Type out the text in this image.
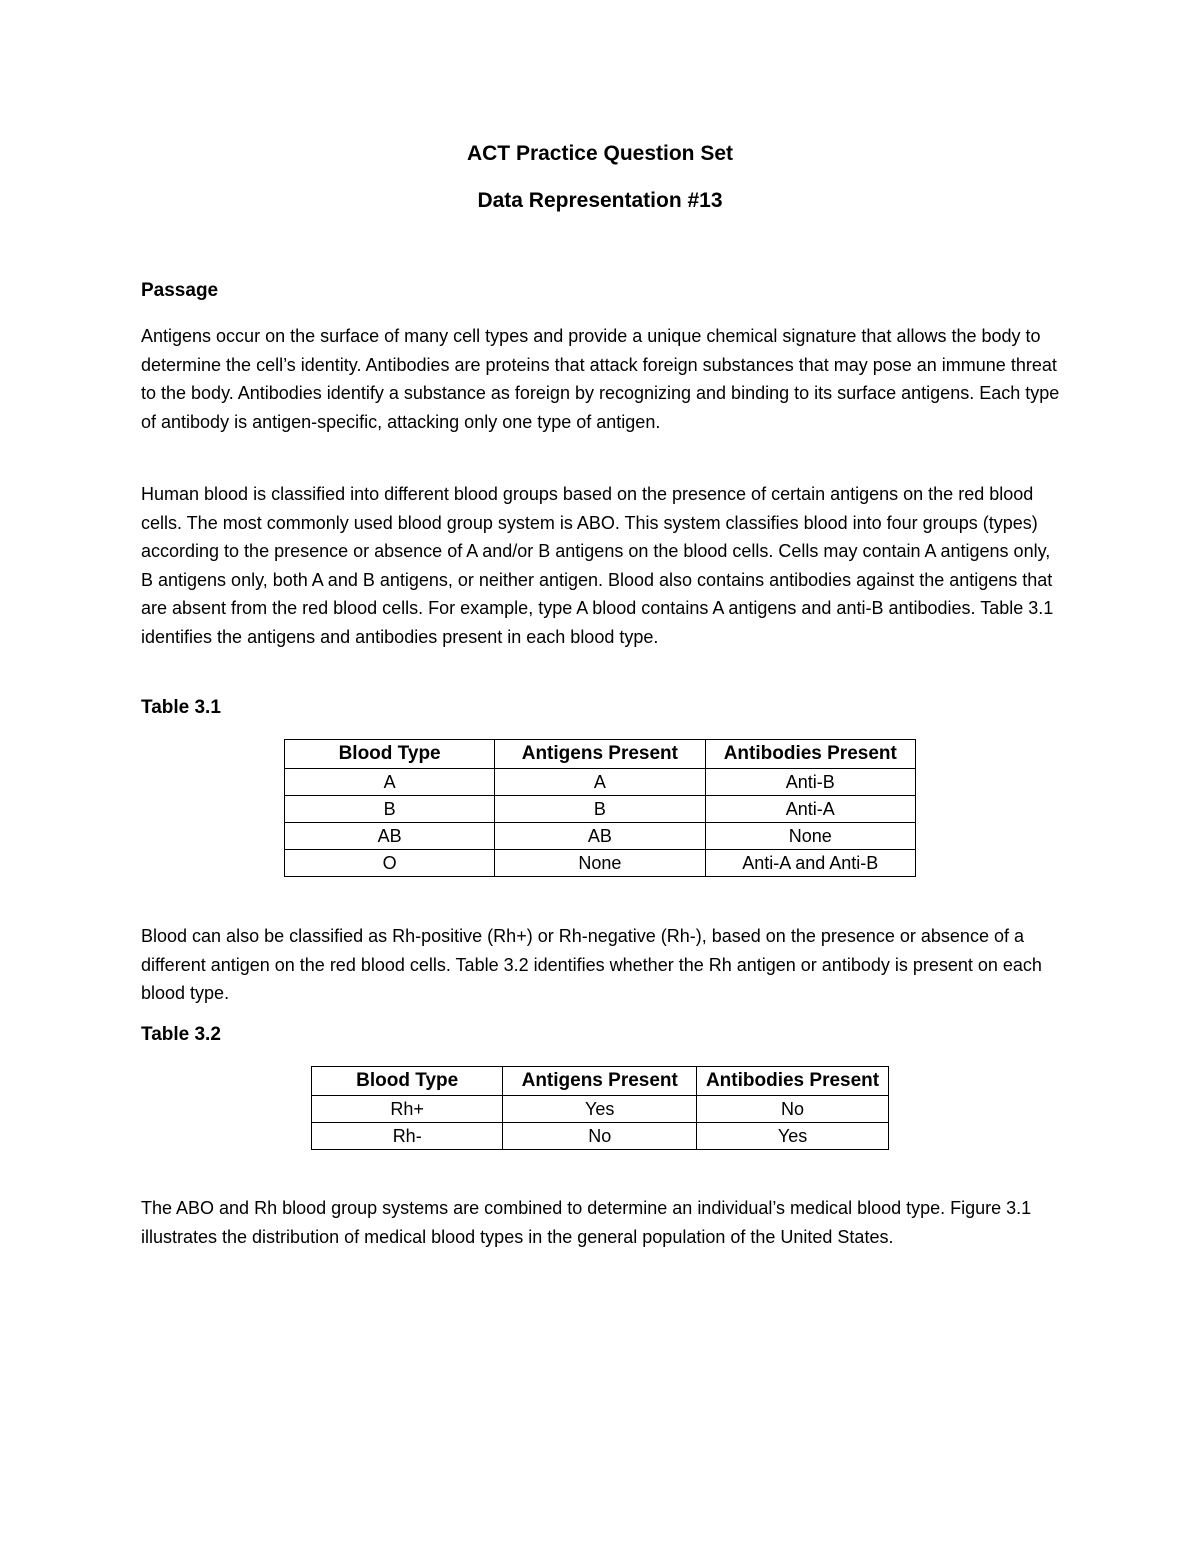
ACT Practice Question Set
Data Representation #13
Passage

Antigens occur on the surface of many cell types and provide a unique chemical signature that allows the body to determine the cell’s identity. Antibodies are proteins that attack foreign substances that may pose an immune threat to the body. Antibodies identify a substance as foreign by recognizing and binding to its surface antigens. Each type of antibody is antigen-specific, attacking only one type of antigen.

Human blood is classified into different blood groups based on the presence of certain antigens on the red blood cells. The most commonly used blood group system is ABO. This system classifies blood into four groups (types) according to the presence or absence of A and/or B antigens on the blood cells. Cells may contain A antigens only, B antigens only, both A and B antigens, or neither antigen. Blood also contains antibodies against the antigens that are absent from the red blood cells. For example, type A blood contains A antigens and anti-B antibodies. Table 3.1 identifies the antigens and antibodies present in each blood type.

Table 3.1
Blood Type	Antigens Present	Antibodies Present
A	A	Anti-B
B	B	Anti-A
AB	AB	None
O	None	Anti-A and Anti-B

Blood can also be classified as Rh-positive (Rh+) or Rh-negative (Rh-), based on the presence or absence of a different antigen on the red blood cells. Table 3.2 identifies whether the Rh antigen or antibody is present on each blood type.

Table 3.2
Blood Type	Antigens Present	Antibodies Present
Rh+	Yes	No
Rh-	No	Yes

The ABO and Rh blood group systems are combined to determine an individual’s medical blood type. Figure 3.1 illustrates the distribution of medical blood types in the general population of the United States.
